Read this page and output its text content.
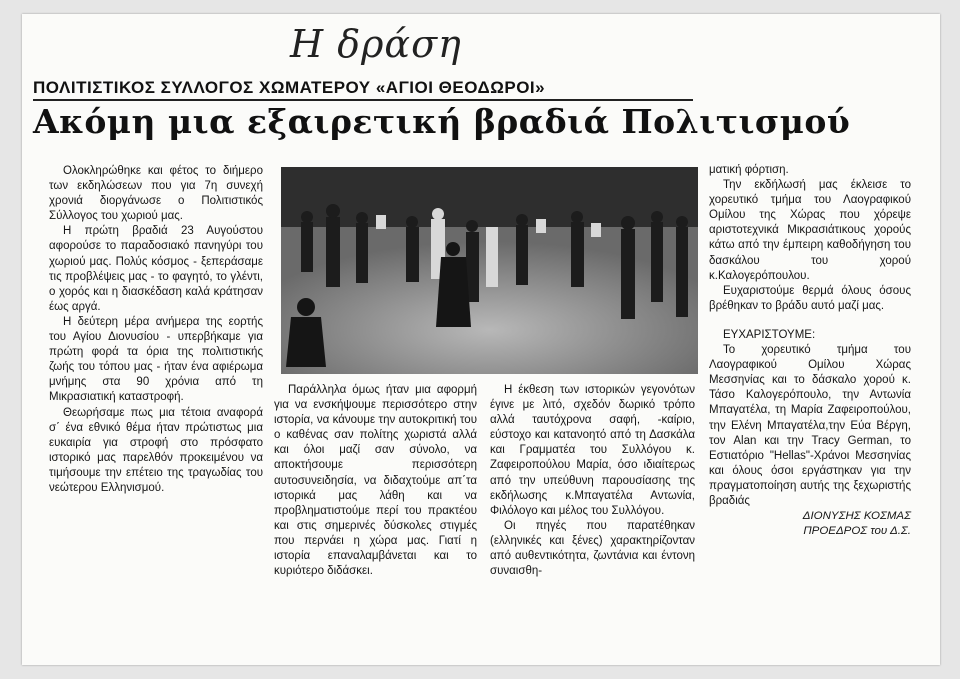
Η δράση
ΠΟΛΙΤΙΣΤΙΚΟΣ ΣΥΛΛΟΓΟΣ ΧΩΜΑΤΕΡΟΥ «ΑΓΙΟΙ ΘΕΟΔΩΡΟΙ»
Ακόμη μια εξαιρετική βραδιά Πολιτισμού

Ολοκληρώθηκε και φέτος το διήμερο των εκδηλώσεων που για 7η συνεχή χρονιά διοργάνωσε ο Πολιτιστικός Σύλλογος του χωριού μας.

Η πρώτη βραδιά 23 Αυγούστου αφορούσε το παραδοσιακό πανηγύρι του χωριού μας. Πολύς κόσμος - ξεπεράσαμε τις προβλέψεις μας - το φαγητό, το γλέντι, ο χορός και η διασκέδαση καλά κράτησαν έως αργά.

Η δεύτερη μέρα ανήμερα της εορτής του Αγίου Διονυσίου - υπερβήκαμε για πρώτη φορά τα όρια της πολιτιστικής ζωής του τόπου μας - ήταν ένα αφιέρωμα μνήμης στα 90 χρόνια από τη Μικρασιατική καταστροφή.

Θεωρήσαμε πως μια τέτοια αναφορά σ΄ ένα εθνικό θέμα ήταν πρώτιστως μια ευκαιρία για στροφή στο πρόσφατο ιστορικό μας παρελθόν προκειμένου να τιμήσουμε την επέτειο της τραγωδίας του νεώτερου Ελληνισμού.

Παράλληλα όμως ήταν μια αφορμή για να ενσκήψουμε περισσότερο στην ιστορία, να κάνουμε την αυτοκριτική του ο καθένας σαν πολίτης χωριστά αλλά και όλοι μαζί σαν σύνολο, να αποκτήσουμε περισσότερη αυτοσυνειδησία, να διδαχτούμε απ΄τα ιστορικά μας λάθη και να προβληματιστούμε περί του πρακτέου και στις σημερινές δύσκολες στιγμές που περνάει η χώρα μας. Γιατί η ιστορία επαναλαμβάνεται και το κυριότερο διδάσκει.

Η έκθεση των ιστορικών γεγονότων έγινε με λιτό, σχεδόν δωρικό τρόπο αλλά ταυτόχρονα σαφή, -καίριο, εύστοχο και κατανοητό από τη Δασκάλα και Γραμματέα του Συλλόγου κ. Ζαφειροπούλου Μαρία, όσο ιδιαίτερως από την υπεύθυνη παρουσίασης της εκδήλωσης κ.Μπαγατέλα Αντωνία, Φιλόλογο και μέλος του Συλλόγου.

Οι πηγές που παρατέθηκαν (ελληνικές και ξένες) χαρακτηρίζονταν από αυθεντικότητα, ζωντάνια και έντονη συναισθη-

ματική φόρτιση.

Την εκδήλωσή μας έκλεισε το χορευτικό τμήμα του Λαογραφικού Ομίλου της Χώρας που χόρεψε αριστοτεχνικά Μικρασιάτικους χορούς κάτω από την έμπειρη καθοδήγηση του δασκάλου του χορού κ.Καλογερόπουλου.

Ευχαριστούμε θερμά όλους όσους βρέθηκαν το βράδυ αυτό μαζί μας.

ΕΥΧΑΡΙΣΤΟΥΜΕ:

Το χορευτικό τμήμα του Λαογραφικού Ομίλου Χώρας Μεσσηνίας και το δάσκαλο χορού κ. Τάσο Καλογερόπουλο, την Αντωνία Μπαγατέλα, τη Μαρία Ζαφειροπούλου, την Ελένη Μπαγατέλα,την Εύα Βέργη, τον Alan και την Tracy German, το Εστιατόριο "Hellas"-Χράνοι Μεσσηνίας και όλους όσοι εργάστηκαν για την πραγματοποίηση αυτής της ξεχωριστής βραδιάς

ΔΙΟΝΥΣΗΣ ΚΟΣΜΑΣ

ΠΡΟΕΔΡΟΣ του Δ.Σ.
